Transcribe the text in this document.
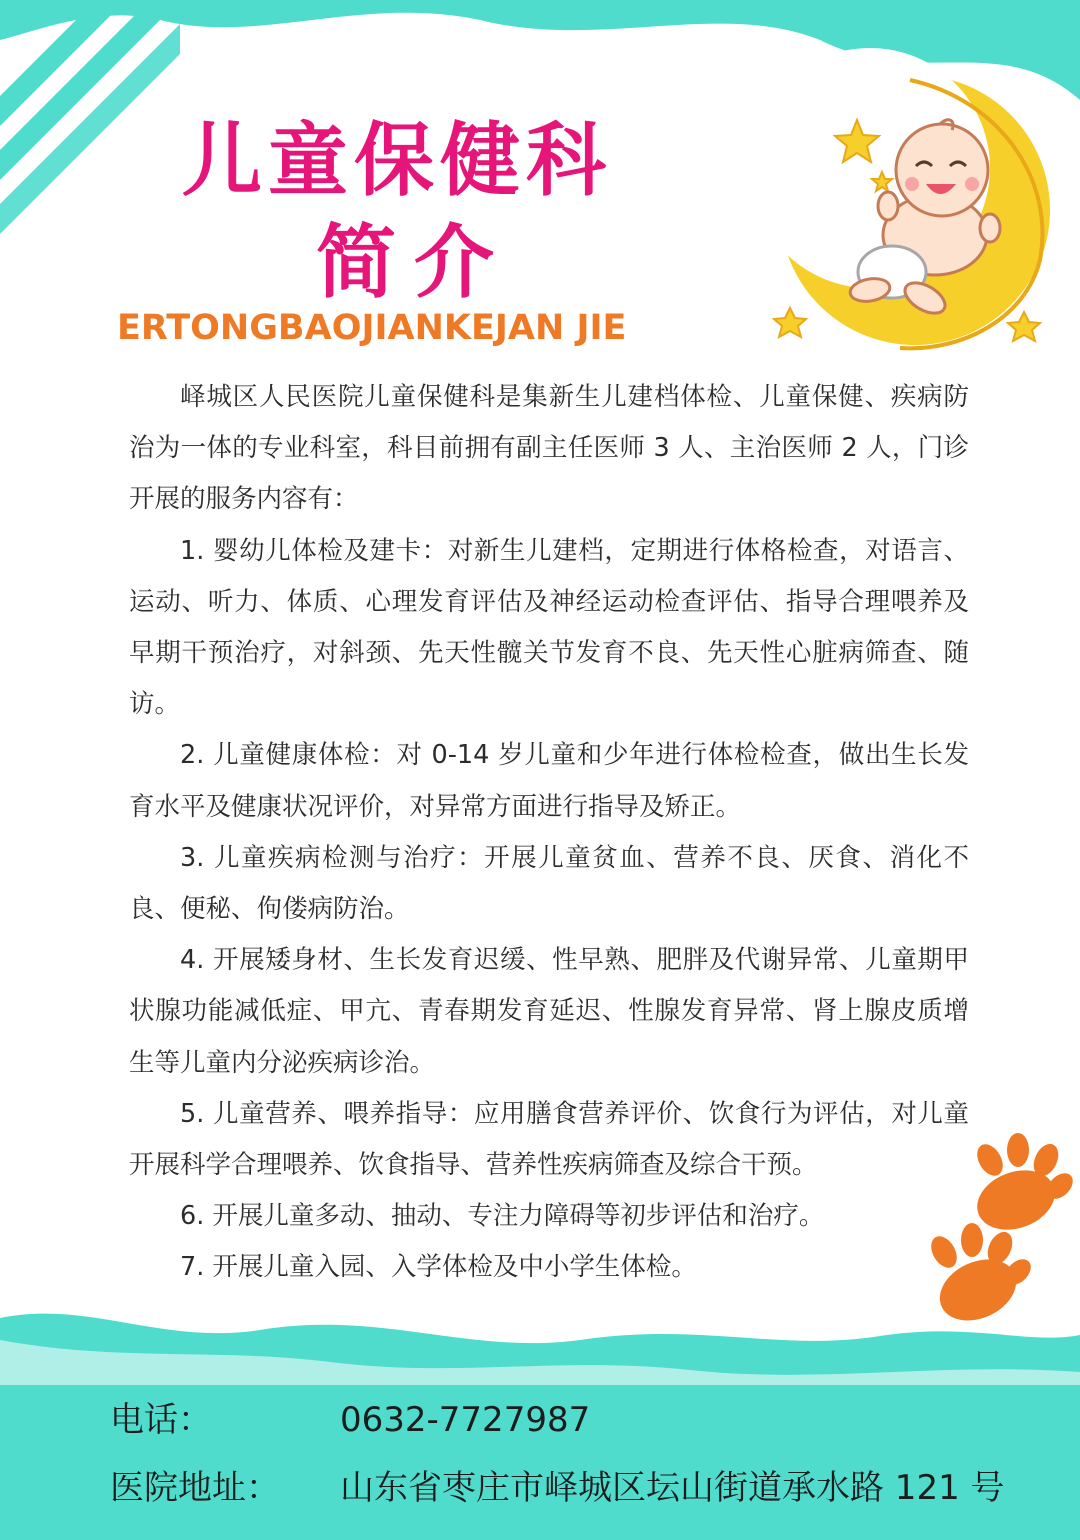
儿童保健科
简介
ERTONGBAOJIANKEJAN JIE

峄城区人民医院儿童保健科是集新生儿建档体检、儿童保健、疾病防治为一体的专业科室，科目前拥有副主任医师 3 人、主治医师 2 人，门诊开展的服务内容有：

1. 婴幼儿体检及建卡：对新生儿建档，定期进行体格检查，对语言、运动、听力、体质、心理发育评估及神经运动检查评估、指导合理喂养及早期干预治疗，对斜颈、先天性髋关节发育不良、先天性心脏病筛查、随访。

2. 儿童健康体检：对 0-14 岁儿童和少年进行体检检查，做出生长发育水平及健康状况评价，对异常方面进行指导及矫正。

3. 儿童疾病检测与治疗：开展儿童贫血、营养不良、厌食、消化不良、便秘、佝偻病防治。

4. 开展矮身材、生长发育迟缓、性早熟、肥胖及代谢异常、儿童期甲状腺功能减低症、甲亢、青春期发育延迟、性腺发育异常、肾上腺皮质增生等儿童内分泌疾病诊治。

5. 儿童营养、喂养指导：应用膳食营养评价、饮食行为评估，对儿童开展科学合理喂养、饮食指导、营养性疾病筛查及综合干预。

6. 开展儿童多动、抽动、专注力障碍等初步评估和治疗。

7. 开展儿童入园、入学体检及中小学生体检。

电话：	0632-7727987
医院地址： 山东省枣庄市峄城区坛山街道承水路 121 号
